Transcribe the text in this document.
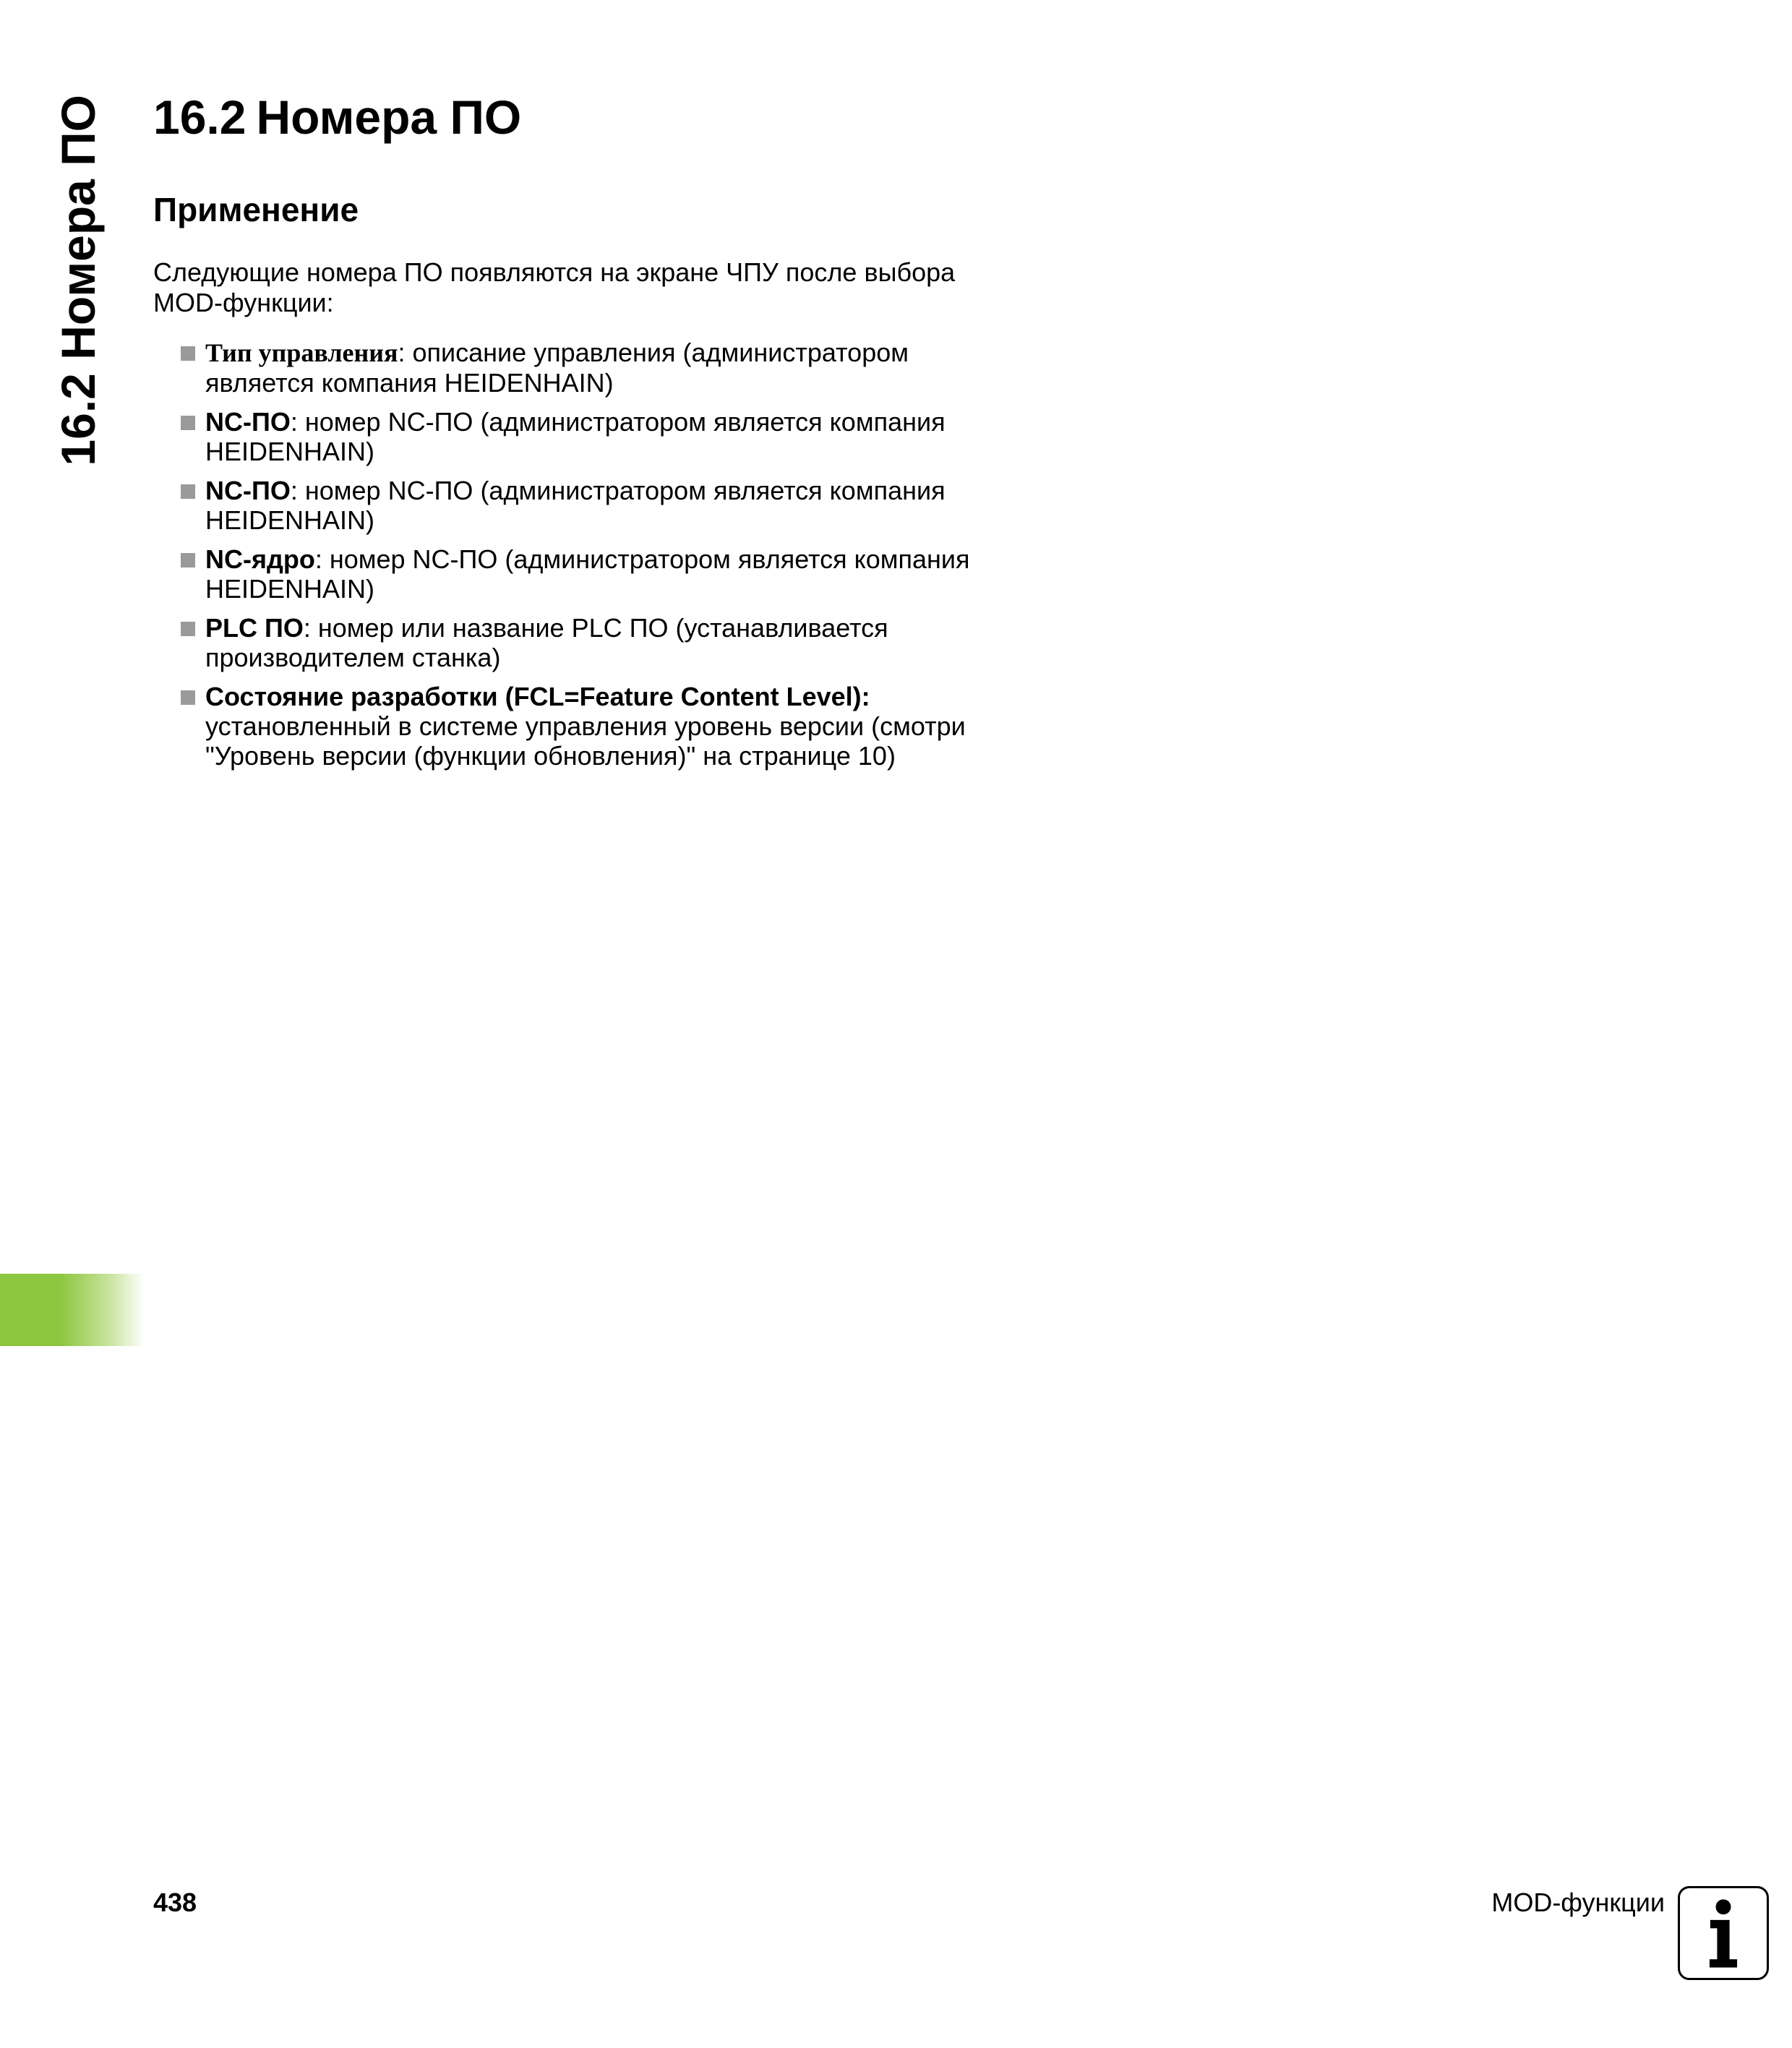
16.2 Номера ПО 16.2 Номера ПО
Применение

Следующие номера ПО появляются на экране ЧПУ после выбора MOD-функции:

Тип управления: описание управления (администратором является компания HEIDENHAIN)
NC-ПО: номер NC-ПО (администратором является компания HEIDENHAIN)
NC-ПО: номер NC-ПО (администратором является компания HEIDENHAIN)
NC-ядро: номер NC-ПО (администратором является компания HEIDENHAIN)
PLC ПО: номер или название PLC ПО (устанавливается производителем станка)
Состояние разработки (FCL=Feature Content Level): установленный в системе управления уровень версии (смотри "Уровень версии (функции обновления)" на странице 10)
438	MOD-функции
